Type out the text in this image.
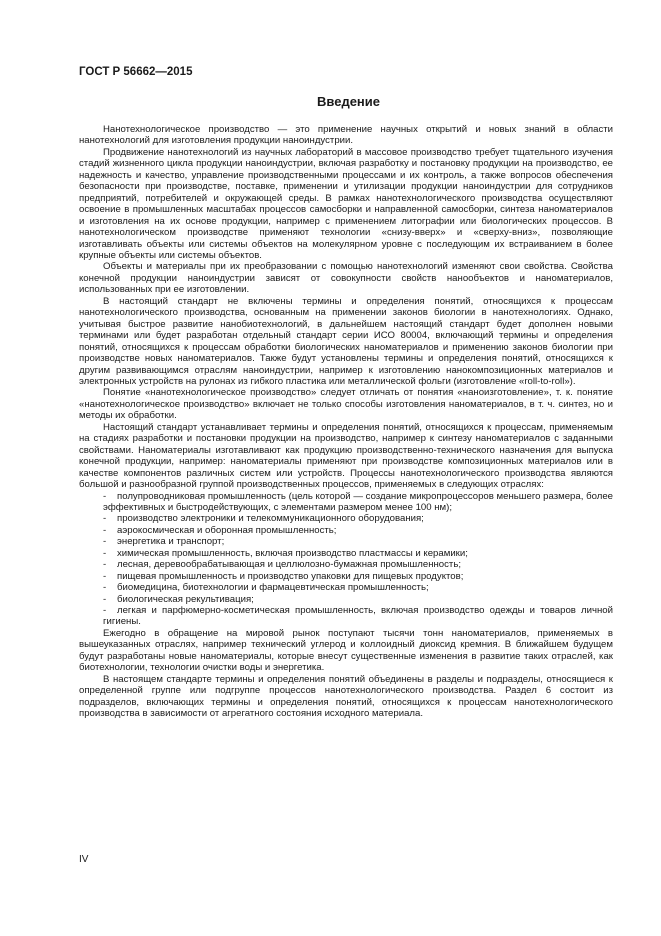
ГОСТ Р 56662—2015
Введение

Нанотехнологическое производство — это применение научных открытий и новых знаний в области нанотехнологий для изготовления продукции наноиндустрии.

Продвижение нанотехнологий из научных лабораторий в массовое производство требует тщательного изучения стадий жизненного цикла продукции наноиндустрии, включая разработку и постановку продукции на производство, ее надежность и качество, управление производственными процессами и их контроль, а также вопросов обеспечения безопасности при производстве, поставке, применении и утилизации продукции наноиндустрии для сотрудников предприятий, потребителей и окружающей среды. В рамках нанотехнологического производства осуществляют освоение в промышленных масштабах процессов самосборки и направленной самосборки, синтеза наноматериалов и изготовления на их основе продукции, например с применением литографии или биологических процессов. В нанотехнологическом производстве применяют технологии «снизу-вверх» и «сверху-вниз», позволяющие изготавливать объекты или системы объектов на молекулярном уровне с последующим их встраиванием в более крупные объекты или системы объектов.

Объекты и материалы при их преобразовании с помощью нанотехнологий изменяют свои свойства. Свойства конечной продукции наноиндустрии зависят от совокупности свойств нанообъектов и наноматериалов, использованных при ее изготовлении.

В настоящий стандарт не включены термины и определения понятий, относящихся к процессам нанотехнологического производства, основанным на применении законов биологии в нанотехнологиях. Однако, учитывая быстрое развитие нанобиотехнологий, в дальнейшем настоящий стандарт будет дополнен новыми терминами или будет разработан отдельный стандарт серии ИСО 80004, включающий термины и определения понятий, относящихся к процессам обработки биологических наноматериалов и применению законов биологии при производстве новых наноматериалов. Также будут установлены термины и определения понятий, относящихся к другим развивающимся отраслям наноиндустрии, например к изготовлению нанокомпозиционных материалов и электронных устройств на рулонах из гибкого пластика или металлической фольги (изготовление «roll-to-roll»).

Понятие «нанотехнологическое производство» следует отличать от понятия «наноизготовление», т. к. понятие «нанотехнологическое производство» включает не только способы изготовления наноматериалов, в т. ч. синтез, но и методы их обработки.

Настоящий стандарт устанавливает термины и определения понятий, относящихся к процессам, применяемым на стадиях разработки и постановки продукции на производство, например к синтезу наноматериалов с заданными свойствами. Наноматериалы изготавливают как продукцию производственно-технического назначения для выпуска конечной продукции, например: наноматериалы применяют при производстве композиционных материалов или в качестве компонентов различных систем или устройств. Процессы нанотехнологического производства являются большой и разнообразной группой производственных процессов, применяемых в следующих отраслях:

- полупроводниковая промышленность (цель которой — создание микропроцессоров меньшего размера, более эффективных и быстродействующих, с элементами размером менее 100 нм);
- производство электроники и телекоммуникационного оборудования;
- аэрокосмическая и оборонная промышленность;
- энергетика и транспорт;
- химическая промышленность, включая производство пластмассы и керамики;
- лесная, деревообрабатывающая и целлюлозно-бумажная промышленность;
- пищевая промышленность и производство упаковки для пищевых продуктов;
- биомедицина, биотехнологии и фармацевтическая промышленность;
- биологическая рекультивация;
- легкая и парфюмерно-косметическая промышленность, включая производство одежды и товаров личной гигиены.

Ежегодно в обращение на мировой рынок поступают тысячи тонн наноматериалов, применяемых в вышеуказанных отраслях, например технический углерод и коллоидный диоксид кремния. В ближайшем будущем будут разработаны новые наноматериалы, которые внесут существенные изменения в развитие таких отраслей, как биотехнологии, технологии очистки воды и энергетика.

В настоящем стандарте термины и определения понятий объединены в разделы и подразделы, относящиеся к определенной группе или подгруппе процессов нанотехнологического производства. Раздел 6 состоит из подразделов, включающих термины и определения понятий, относящихся к процессам нанотехнологического производства в зависимости от агрегатного состояния исходного материала.

IV
